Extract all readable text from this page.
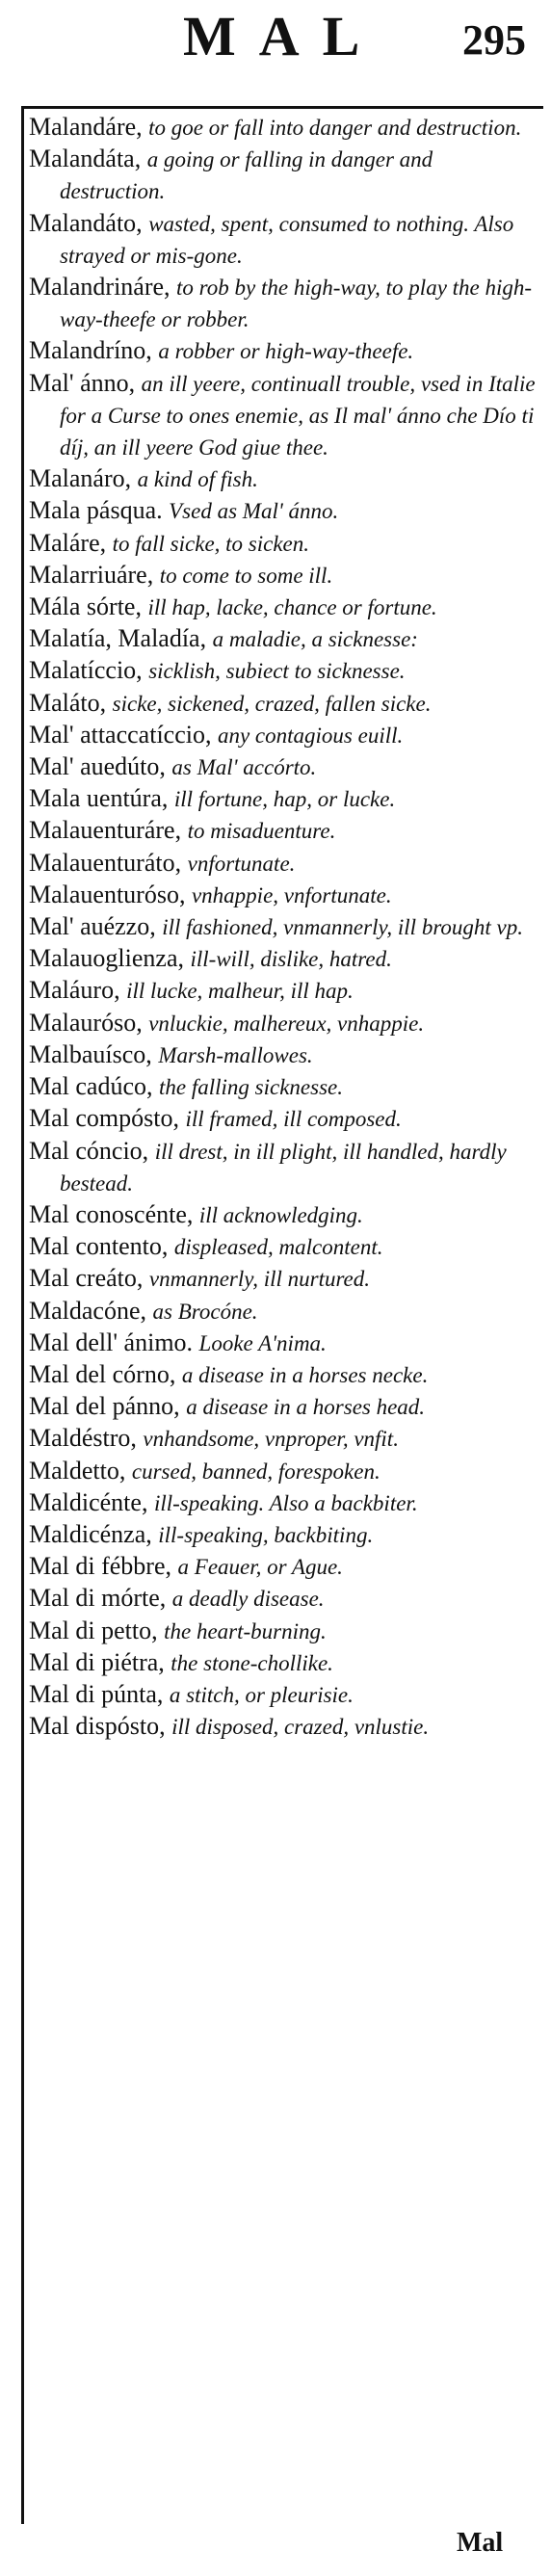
MAL 295
Malandáre, to goe or fall into danger and destruction.
Malandáta, a going or falling in danger and destruction.
Malandáto, wasted, spent, consumed to nothing. Also strayed or mis-gone.
Malandrináre, to rob by the high-way, to play the high-way-theefe or robber.
Malandríno, a robber or high-way-theefe.
Mal' ánno, an ill yeere, continuall trouble, vsed in Italie for a Curse to ones enemie, as Il mal' ánno che Dío ti díj, an ill yeere God giue thee.
Malanáro, a kind of fish.
Mala pásqua. Vsed as Mal' ánno.
Maláre, to fall sicke, to sicken.
Malarriuáre, to come to some ill.
Mála sórte, ill hap, lacke, chance or fortune.
Malatía, Maladía, a maladie, a sicknesse:
Malatíccio, sicklish, subiect to sicknesse.
Maláto, sicke, sickened, crazed, fallen sicke.
Mal' attaccatíccio, any contagious euill.
Mal' auedúto, as Mal' accórto.
Mala uentúra, ill fortune, hap, or lucke.
Malauenturáre, to misaduenture.
Malauenturáto, vnfortunate.
Malauenturóso, vnhappie, vnfortunate.
Mal' auézzo, ill fashioned, vnmannerly, ill brought vp.
Malauoglienza, ill-will, dislike, hatred.
Maláuro, ill lucke, malheur, ill hap.
Malauróso, vnluckie, malhereux, vnhappie.
Malbauísco, Marsh-mallowes.
Mal cadúco, the falling sicknesse.
Mal compósto, ill framed, ill composed.
Mal cóncio, ill drest, in ill plight, ill handled, hardly bestead.
Mal conoscénte, ill acknowledging.
Mal contento, displeased, malcontent.
Mal creáto, vnmannerly, ill nurtured.
Maldacóne, as Brocóne.
Mal dell' ánimo. Looke A'nima.
Mal del córno, a disease in a horses necke.
Mal del pánno, a disease in a horses head.
Maldéstro, vnhandsome, vnproper, vnfit.
Maldetto, cursed, banned, forespoken.
Maldicénte, ill-speaking. Also a backbiter.
Maldicénza, ill-speaking, backbiting.
Mal di fébbre, a Feauer, or Ague.
Mal di mórte, a deadly disease.
Mal di petto, the heart-burning.
Mal di piétra, the stone-chollike.
Mal di púnta, a stitch, or pleurisie.
Mal dispósto, ill disposed, crazed, vnlustie.
Mal
